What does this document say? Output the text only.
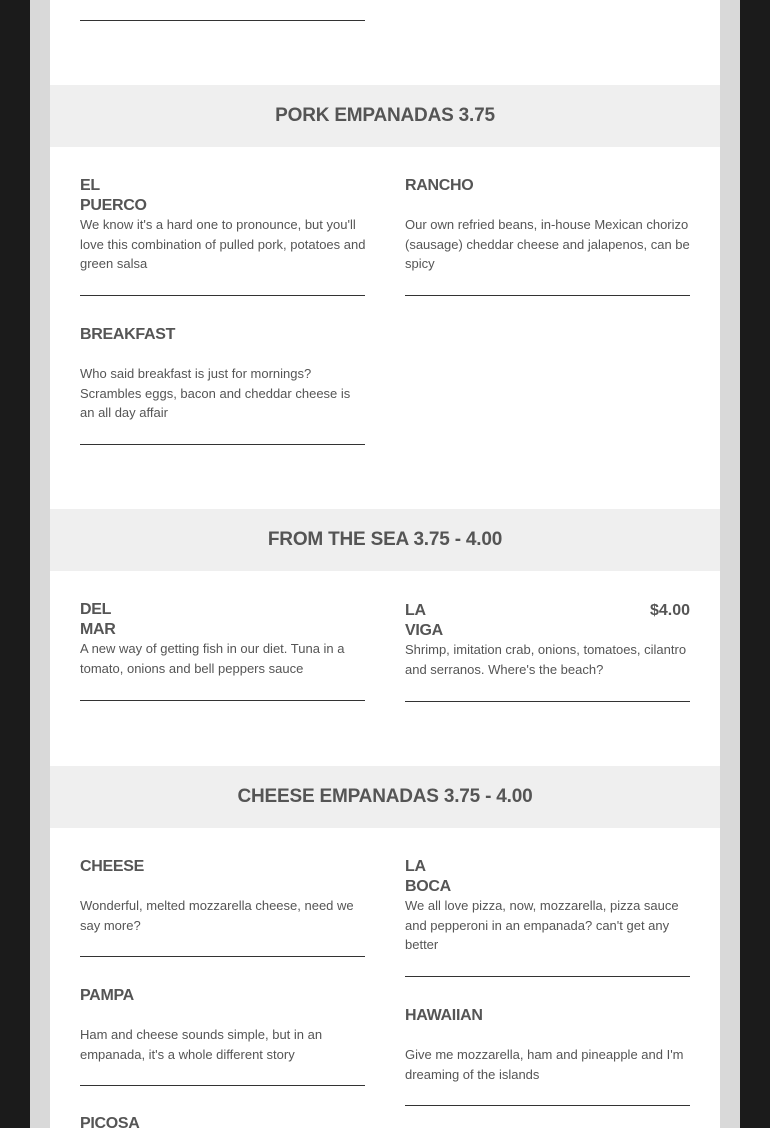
PORK EMPANADAS 3.75
EL PUERCO
We know it's a hard one to pronounce, but you'll love this combination of pulled pork, potatoes and green salsa
RANCHO
Our own refried beans, in-house Mexican chorizo (sausage) cheddar cheese and jalapenos, can be spicy
BREAKFAST
Who said breakfast is just for mornings? Scrambles eggs, bacon and cheddar cheese is an all day affair
FROM THE SEA 3.75 - 4.00
DEL MAR
A new way of getting fish in our diet. Tuna in a tomato, onions and bell peppers sauce
LA VIGA
$4.00
Shrimp, imitation crab, onions, tomatoes, cilantro and serranos. Where's the beach?
CHEESE EMPANADAS 3.75 - 4.00
CHEESE
Wonderful, melted mozzarella cheese, need we say more?
LA BOCA
We all love pizza, now, mozzarella, pizza sauce and pepperoni in an empanada? can't get any better
PAMPA
Ham and cheese sounds simple, but in an empanada, it's a whole different story
HAWAIIAN
Give me mozzarella, ham and pineapple and I'm dreaming of the islands
PICOSA
